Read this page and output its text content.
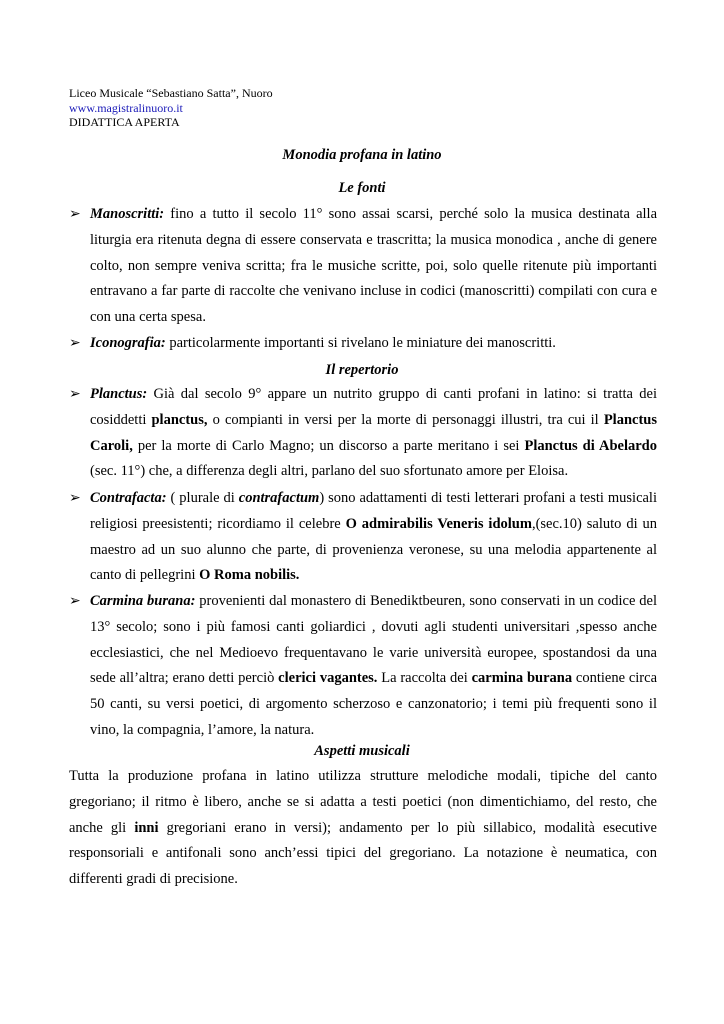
Liceo Musicale “Sebastiano Satta”, Nuoro
www.magistralinuoro.it
DIDATTICA APERTA
Monodia profana in latino
Le fonti
➢ Manoscritti: fino a tutto il secolo 11° sono assai scarsi, perché solo la musica destinata alla liturgia era ritenuta degna di essere conservata e trascritta; la musica monodica , anche di genere colto, non sempre veniva scritta; fra le musiche scritte, poi, solo quelle ritenute più importanti entravano a far parte di raccolte che venivano incluse in codici (manoscritti) compilati con cura e con una certa spesa.
➢ Iconografia: particolarmente importanti si rivelano le miniature dei manoscritti.
Il repertorio
➢ Planctus: Già dal secolo 9° appare un nutrito gruppo di canti profani in latino: si tratta dei cosiddetti planctus, o compianti in versi per la morte di personaggi illustri, tra cui il Planctus Caroli, per la morte di Carlo Magno; un discorso a parte meritano i sei Planctus di Abelardo (sec. 11°) che, a differenza degli altri, parlano del suo sfortunato amore per Eloisa.
➢ Contrafacta: ( plurale di contrafactum) sono adattamenti di testi letterari profani a testi musicali religiosi preesistenti; ricordiamo il celebre O admirabilis Veneris idolum,(sec.10) saluto di un maestro ad un suo alunno che parte, di provenienza veronese, su una melodia appartenente al canto di pellegrini O Roma nobilis.
➢ Carmina burana: provenienti dal monastero di Benediktbeuren, sono conservati in un codice del 13° secolo; sono i più famosi canti goliardici , dovuti agli studenti universitari ,spesso anche ecclesiastici, che nel Medioevo frequentavano le varie università europee, spostandosi da una sede all’altra; erano detti perciò clerici vagantes. La raccolta dei carmina burana contiene circa 50 canti, su versi poetici, di argomento scherzoso e canzonatorio; i temi più frequenti sono il vino, la compagnia, l’amore, la natura.
Aspetti musicali
Tutta la produzione profana in latino utilizza strutture melodiche modali, tipiche del canto gregoriano; il ritmo è libero, anche se si adatta a testi poetici (non dimentichiamo, del resto, che anche gli inni gregoriani erano in versi); andamento per lo più sillabico, modalità esecutive responsoriali e antifonali sono anch’essi tipici del gregoriano. La notazione è neumatica, con differenti gradi di precisione.
